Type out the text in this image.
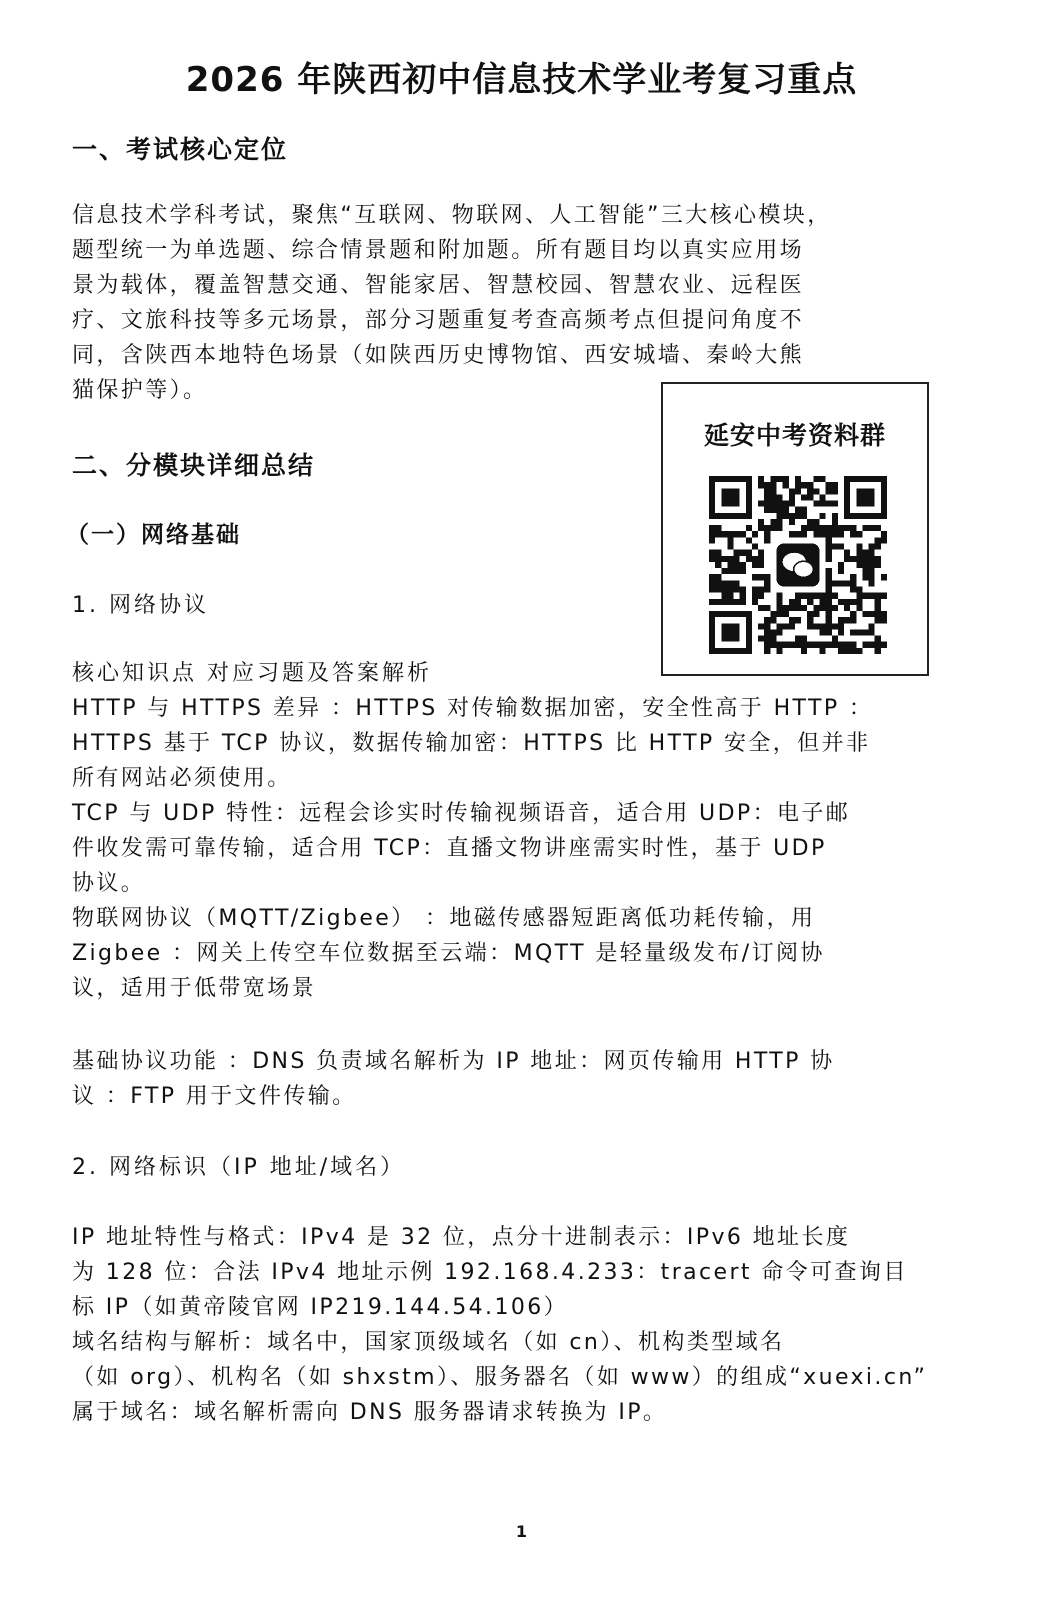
2026 年陕西初中信息技术学业考复习重点
一、考试核心定位
信息技术学科考试，聚焦“互联网、物联网、人工智能”三大核心模块，
题型统一为单选题、综合情景题和附加题。所有题目均以真实应用场
景为载体，覆盖智慧交通、智能家居、智慧校园、智慧农业、远程医
疗、文旅科技等多元场景，部分习题重复考查高频考点但提问角度不
同，含陕西本地特色场景（如陕西历史博物馆、西安城墙、秦岭大熊
猫保护等）。
二、分模块详细总结
（一）网络基础
1. 网络协议
核心知识点 对应习题及答案解析
HTTP 与 HTTPS 差异 ：HTTPS 对传输数据加密，安全性高于 HTTP ：
HTTPS 基于 TCP 协议，数据传输加密：HTTPS 比 HTTP 安全，但并非
所有网站必须使用。
TCP 与 UDP 特性：远程会诊实时传输视频语音，适合用 UDP：电子邮
件收发需可靠传输，适合用 TCP：直播文物讲座需实时性，基于 UDP
协议。
物联网协议（MQTT/Zigbee） ：地磁传感器短距离低功耗传输，用
Zigbee ：网关上传空车位数据至云端：MQTT 是轻量级发布/订阅协
议，适用于低带宽场景
基础协议功能 ：DNS 负责域名解析为 IP 地址：网页传输用 HTTP 协
议 ：FTP 用于文件传输。
2. 网络标识（IP 地址/域名）
IP 地址特性与格式：IPv4 是 32 位，点分十进制表示：IPv6 地址长度
为 128 位：合法 IPv4 地址示例 192.168.4.233：tracert 命令可查询目
标 IP（如黄帝陵官网 IP219.144.54.106）
域名结构与解析：域名中，国家顶级域名（如 cn）、机构类型域名
（如 org）、机构名（如 shxstm）、服务器名（如 www）的组成“xuexi.cn”
属于域名：域名解析需向 DNS 服务器请求转换为 IP。
延安中考资料群
1
